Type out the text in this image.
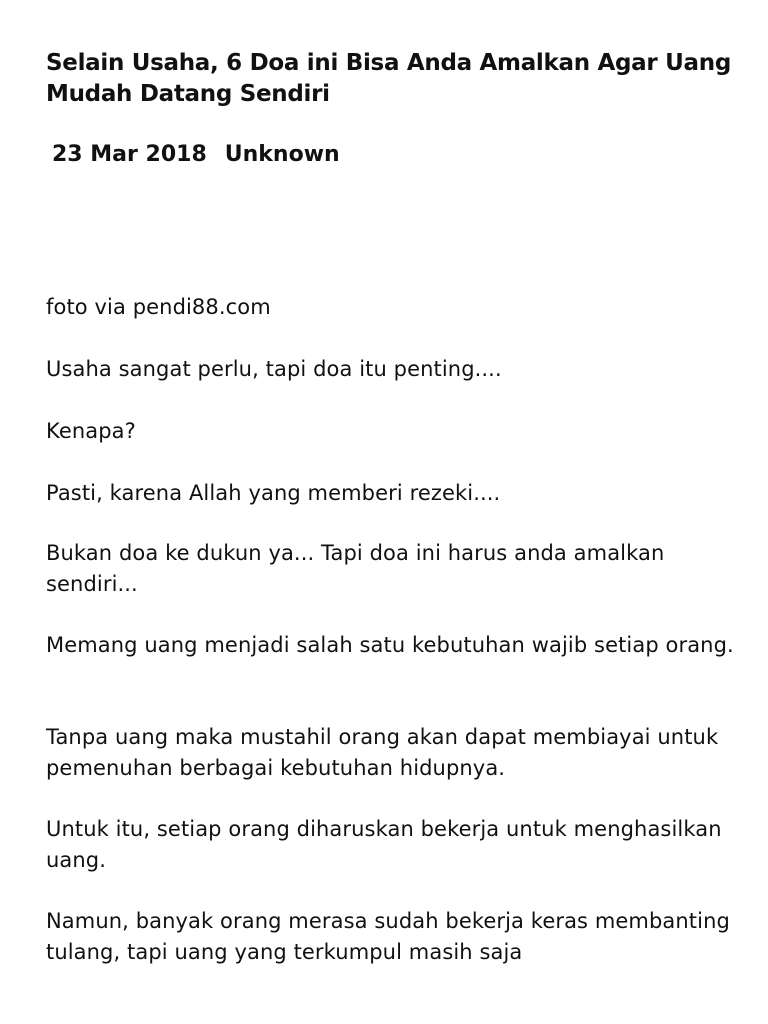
Selain Usaha, 6 Doa ini Bisa Anda Amalkan Agar Uang Mudah Datang Sendiri
23 Mar 2018 Unknown

foto via pendi88.com

Usaha sangat perlu, tapi doa itu penting....

Kenapa?

Pasti, karena Allah yang memberi rezeki....

Bukan doa ke dukun ya... Tapi doa ini harus anda amalkan sendiri...

Memang uang menjadi salah satu kebutuhan wajib setiap orang.

Tanpa uang maka mustahil orang akan dapat membiayai untuk pemenuhan berbagai kebutuhan hidupnya.

Untuk itu, setiap orang diharuskan bekerja untuk menghasilkan uang.

Namun, banyak orang merasa sudah bekerja keras membanting tulang, tapi uang yang terkumpul masih saja
